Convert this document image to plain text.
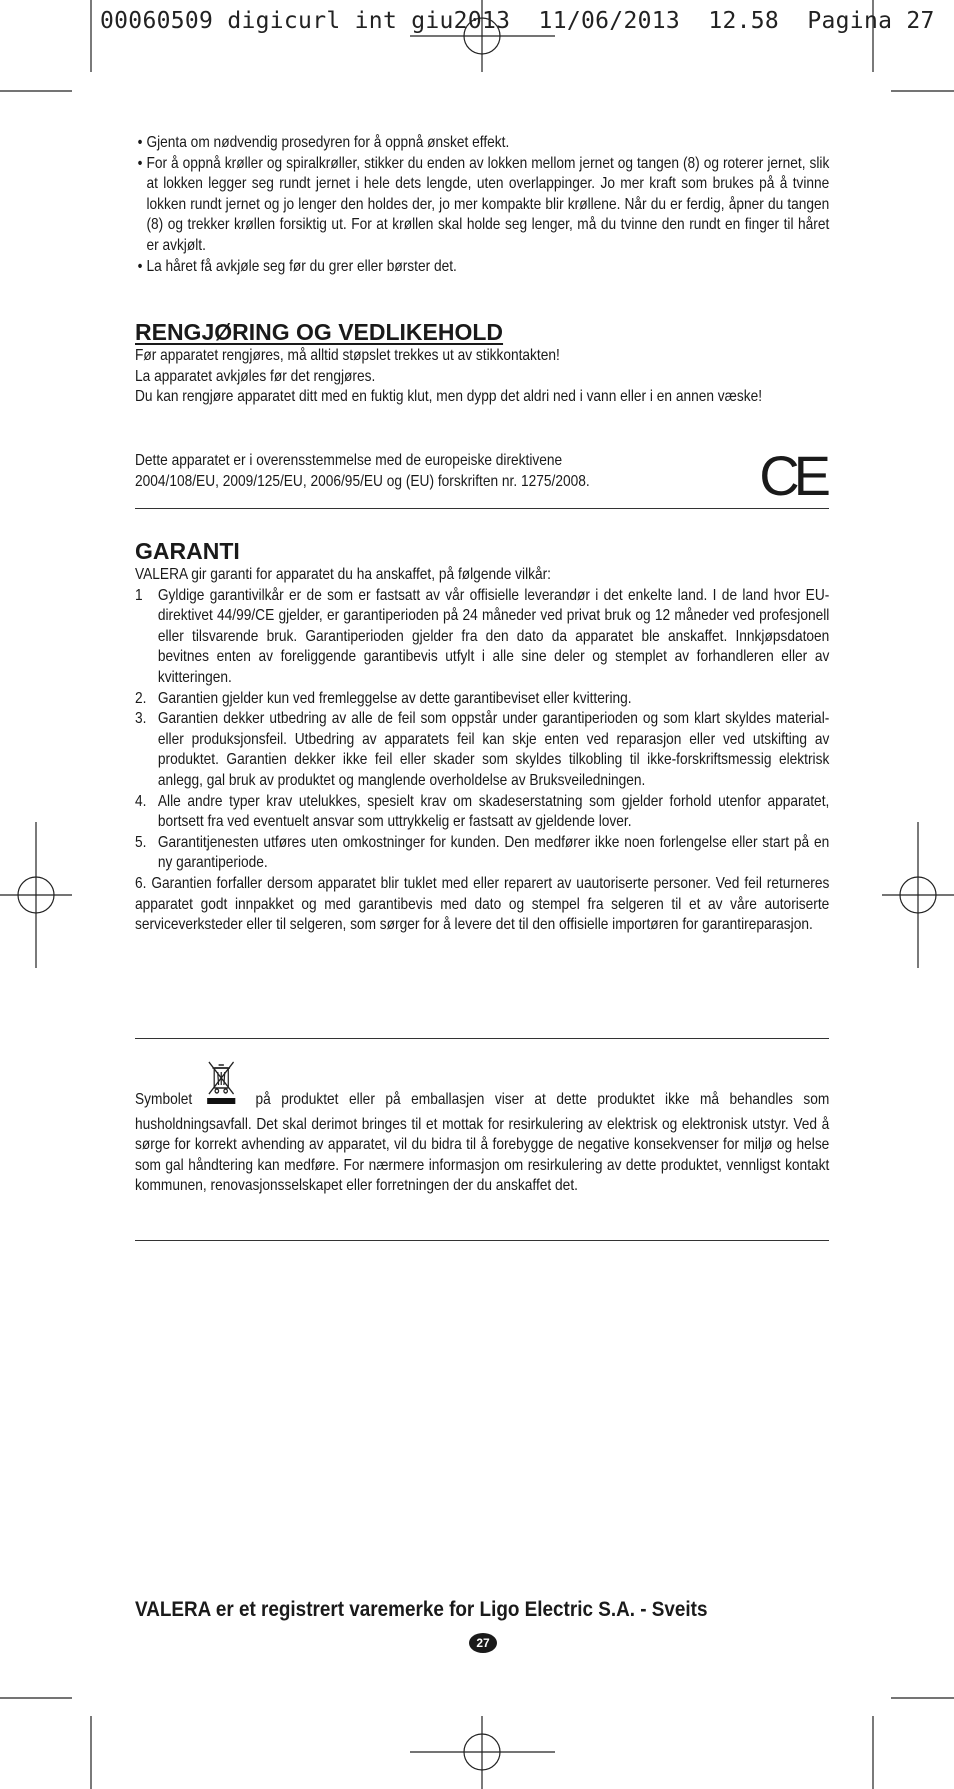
00060509 digicurl int giu2013  11/06/2013  12.58  Pagina 27

• Gjenta om nødvendig prosedyren for å oppnå ønsket effekt.

• For å oppnå krøller og spiralkrøller, stikker du enden av lokken mellom jernet og tangen (8) og roterer jernet, slik at lokken legger seg rundt jernet i hele dets lengde, uten overlappinger. Jo mer kraft som brukes på å tvinne lokken rundt jernet og jo lenger den holdes der, jo mer kompakte blir krøllene. Når du er ferdig, åpner du tangen (8) og trekker krøllen forsiktig ut. For at krøllen skal holde seg lenger, må du tvinne den rundt en finger til håret er avkjølt.

• La håret få avkjøle seg før du grer eller børster det.

RENGJØRING OG VEDLIKEHOLD

Før apparatet rengjøres, må alltid støpslet trekkes ut av stikkontakten!

La apparatet avkjøles før det rengjøres.

Du kan rengjøre apparatet ditt med en fuktig klut, men dypp det aldri ned i vann eller i en annen væske!

Dette apparatet er i overensstemmelse med de europeiske direktivene

2004/108/EU, 2009/125/EU, 2006/95/EU og (EU) forskriften nr. 1275/2008.	CE
GARANTI

VALERA gir garanti for apparatet du ha anskaffet, på følgende vilkår:

1 Gyldige garantivilkår er de som er fastsatt av vår offisielle leverandør i det enkelte land. I de land hvor EU-direktivet 44/99/CE gjelder, er garantiperioden på 24 måneder ved privat bruk og 12 måneder ved profesjonell eller tilsvarende bruk. Garantiperioden gjelder fra den dato da apparatet ble anskaffet. Innkjøpsdatoen bevitnes enten av foreliggende garantibevis utfylt i alle sine deler og stemplet av forhandleren eller av kvitteringen.

2. Garantien gjelder kun ved fremleggelse av dette garantibeviset eller kvittering.

3. Garantien dekker utbedring av alle de feil som oppstår under garantiperioden og som klart skyldes material- eller produksjonsfeil. Utbedring av apparatets feil kan skje enten ved reparasjon eller ved utskifting av produktet. Garantien dekker ikke feil eller skader som skyldes tilkobling til ikke-forskriftsmessig elektrisk anlegg, gal bruk av produktet og manglende overholdelse av Bruksveiledningen.

4. Alle andre typer krav utelukkes, spesielt krav om skadeserstatning som gjelder forhold utenfor apparatet, bortsett fra ved eventuelt ansvar som uttrykkelig er fastsatt av gjeldende lover.

5. Garantitjenesten utføres uten omkostninger for kunden. Den medfører ikke noen forlengelse eller start på en ny garantiperiode.

6. Garantien forfaller dersom apparatet blir tuklet med eller reparert av uautoriserte personer. Ved feil returneres apparatet godt innpakket og med garantibevis med dato og stempel fra selgeren til et av våre autoriserte serviceverksteder eller til selgeren, som sørger for å levere det til den offisielle importøren for garantireparasjon.

Symbolet	på produktet eller på emballasjen viser at dette produktet ikke må behandles som husholdningsavfall. Det skal derimot bringes til et mottak for resirkulering av elektrisk og elektronisk utstyr. Ved å sørge for korrekt avhending av apparatet, vil du bidra til å forebygge de negative konsekvenser for miljø og helse som gal håndtering kan medføre. For nærmere informasjon om resirkulering av dette produktet, vennligst kontakt kommunen, renovasjonsselskapet eller forretningen der du anskaffet det.

VALERA er et registrert varemerke for Ligo Electric S.A. - Sveits
27
